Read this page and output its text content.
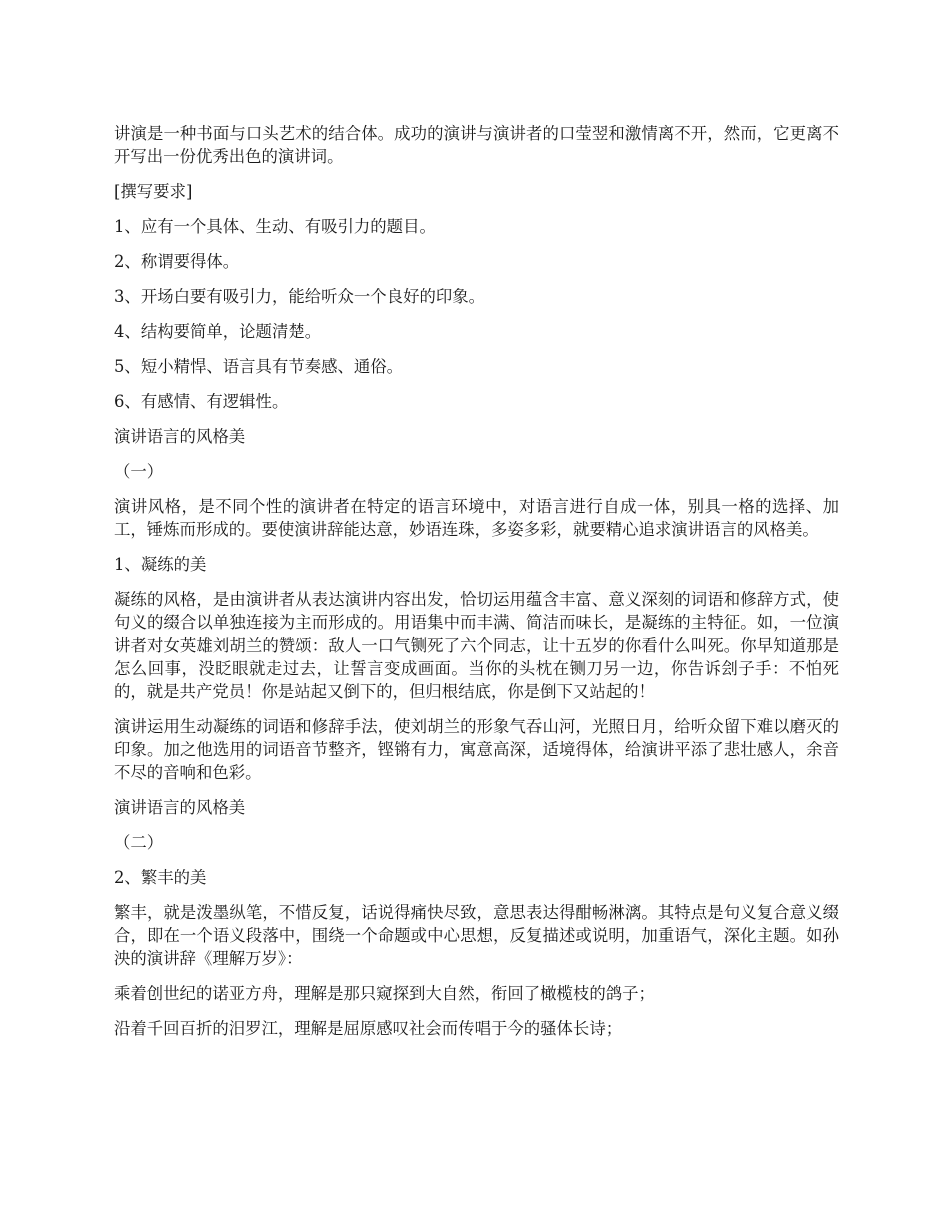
讲演是一种书面与口头艺术的结合体。成功的演讲与演讲者的口莹翌和激情离不开，然而，它更离不开写出一份优秀出色的演讲词。

[撰写要求]

1、应有一个具体、生动、有吸引力的题目。

2、称谓要得体。

3、开场白要有吸引力，能给听众一个良好的印象。

4、结构要简单，论题清楚。

5、短小精悍、语言具有节奏感、通俗。

6、有感情、有逻辑性。

演讲语言的风格美

（一）

演讲风格，是不同个性的演讲者在特定的语言环境中，对语言进行自成一体，别具一格的选择、加工，锤炼而形成的。要使演讲辞能达意，妙语连珠，多姿多彩，就要精心追求演讲语言的风格美。

1、凝练的美

凝练的风格，是由演讲者从表达演讲内容出发，恰切运用蕴含丰富、意义深刻的词语和修辞方式，使句义的缀合以单独连接为主而形成的。用语集中而丰满、简洁而味长，是凝练的主特征。如，一位演讲者对女英雄刘胡兰的赞颂：敌人一口气铡死了六个同志，让十五岁的你看什么叫死。你早知道那是怎么回事，没眨眼就走过去，让誓言变成画面。当你的头枕在铡刀另一边，你告诉刽子手：不怕死的，就是共产党员！你是站起又倒下的，但归根结底，你是倒下又站起的！

演讲运用生动凝练的词语和修辞手法，使刘胡兰的形象气吞山河，光照日月，给听众留下难以磨灭的印象。加之他选用的词语音节整齐，铿锵有力，寓意高深，适境得体，给演讲平添了悲壮感人，余音不尽的音响和色彩。

演讲语言的风格美

（二）

2、繁丰的美

繁丰，就是泼墨纵笔，不惜反复，话说得痛快尽致，意思表达得酣畅淋漓。其特点是句义复合意义缀合，即在一个语义段落中，围绕一个命题或中心思想，反复描述或说明，加重语气，深化主题。如孙泱的演讲辞《理解万岁》：

乘着创世纪的诺亚方舟，理解是那只窥探到大自然，衔回了橄榄枝的鸽子；

沿着千回百折的汨罗江，理解是屈原感叹社会而传唱于今的骚体长诗；
